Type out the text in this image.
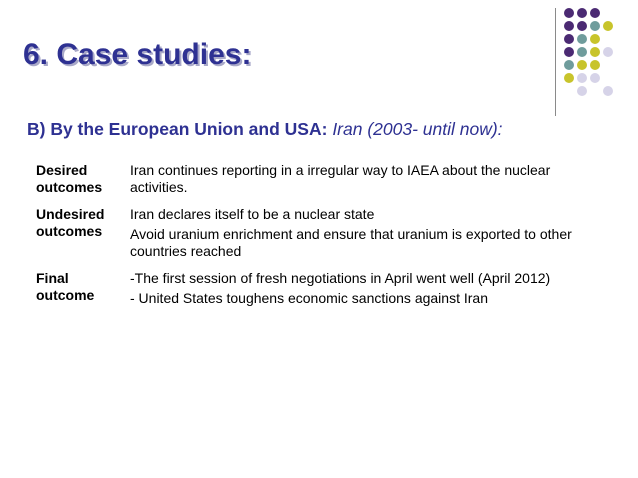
6. Case studies:

B) By the European Union and USA: Iran (2003- until now):

Desired outcomes
Iran continues reporting in a irregular way to IAEA about the nuclear activities.
Undesired outcomes
Iran declares itself to be a nuclear state
Avoid uranium enrichment and ensure that uranium is exported to other countries reached
Final outcome
-The first session of fresh negotiations in April went well (April 2012)
- United States toughens economic sanctions against Iran
